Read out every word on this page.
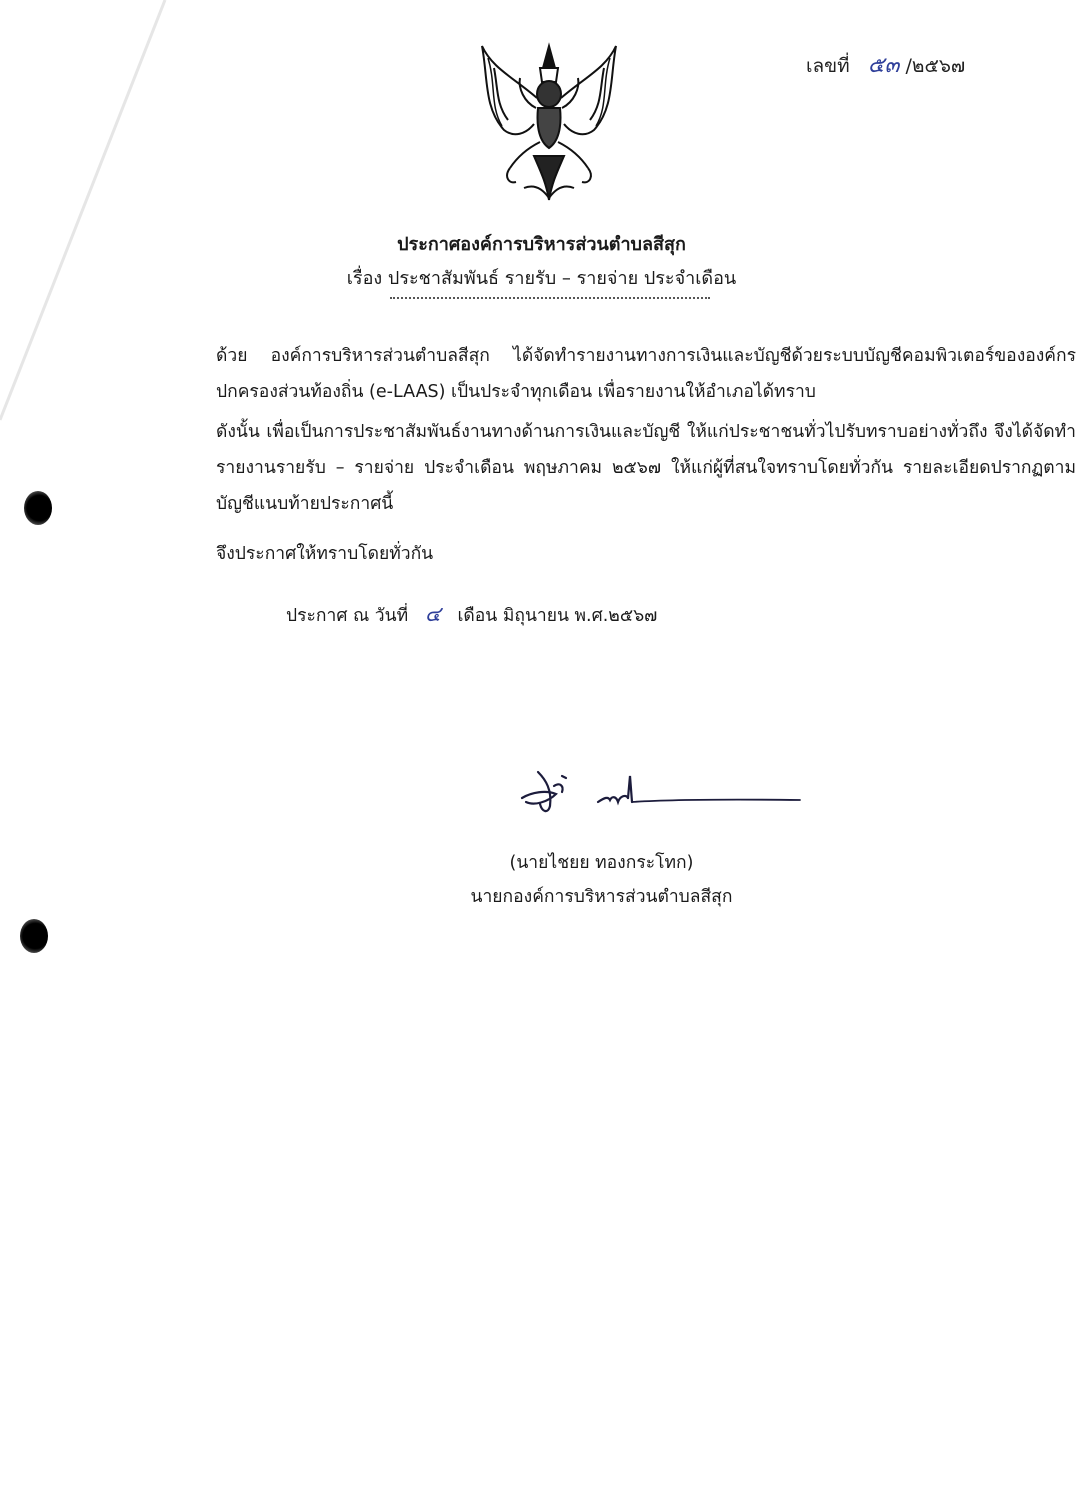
เลขที่ ๕๓ /๒๕๖๗
ประกาศองค์การบริหารส่วนตำบลสีสุก
เรื่อง ประชาสัมพันธ์ รายรับ – รายจ่าย ประจำเดือน
ด้วย องค์การบริหารส่วนตำบลสีสุก ได้จัดทำรายงานทางการเงินและบัญชีด้วยระบบบัญชีคอมพิวเตอร์ขององค์กรปกครองส่วนท้องถิ่น (e-LAAS) เป็นประจำทุกเดือน เพื่อรายงานให้อำเภอได้ทราบ
ดังนั้น เพื่อเป็นการประชาสัมพันธ์งานทางด้านการเงินและบัญชี ให้แก่ประชาชนทั่วไปรับทราบอย่างทั่วถึง จึงได้จัดทำรายงานรายรับ – รายจ่าย ประจำเดือน พฤษภาคม ๒๕๖๗ ให้แก่ผู้ที่สนใจทราบโดยทั่วกัน รายละเอียดปรากฏตามบัญชีแนบท้ายประกาศนี้
จึงประกาศให้ทราบโดยทั่วกัน
ประกาศ ณ วันที่ ๔ เดือน มิถุนายน พ.ศ.๒๕๖๗
(นายไชยย ทองกระโทก)
นายกองค์การบริหารส่วนตำบลสีสุก
